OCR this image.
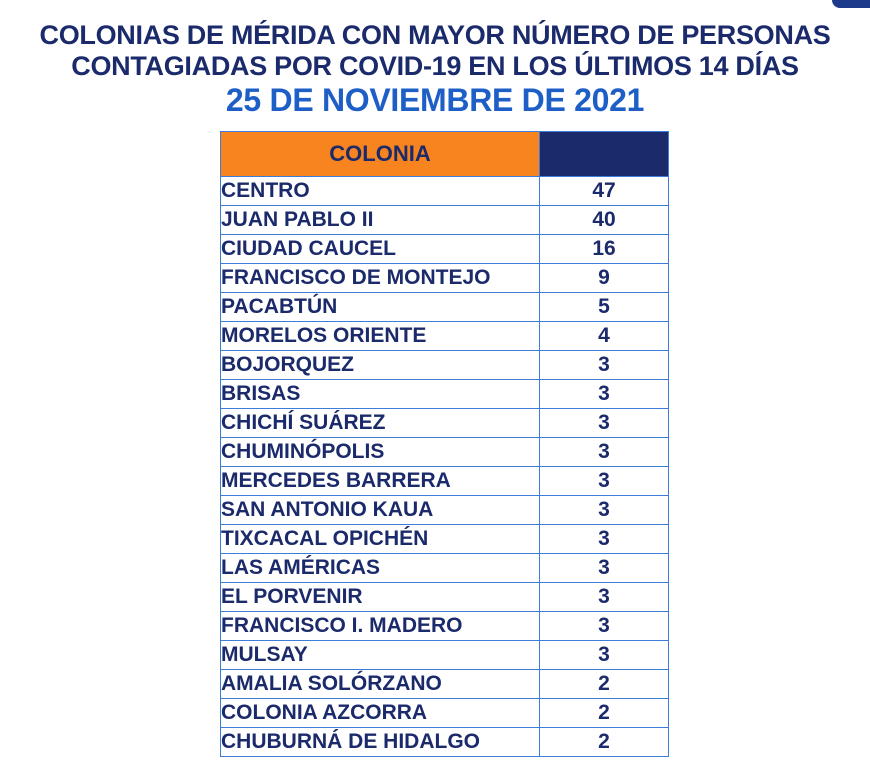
COLONIAS DE MÉRIDA CON MAYOR NÚMERO DE PERSONAS
CONTAGIADAS POR COVID-19 EN LOS ÚLTIMOS 14 DÍAS
25 DE NOVIEMBRE DE 2021
COLONIA	CASOS
CENTRO	47
JUAN PABLO II	40
CIUDAD CAUCEL	16
FRANCISCO DE MONTEJO	9
PACABTÚN	5
MORELOS ORIENTE	4
BOJORQUEZ	3
BRISAS	3
CHICHÍ SUÁREZ	3
CHUMINÓPOLIS	3
MERCEDES BARRERA	3
SAN ANTONIO KAUA	3
TIXCACAL OPICHÉN	3
LAS AMÉRICAS	3
EL PORVENIR	3
FRANCISCO I. MADERO	3
MULSAY	3
AMALIA SOLÓRZANO	2
COLONIA AZCORRA	2
CHUBURNÁ DE HIDALGO	2
